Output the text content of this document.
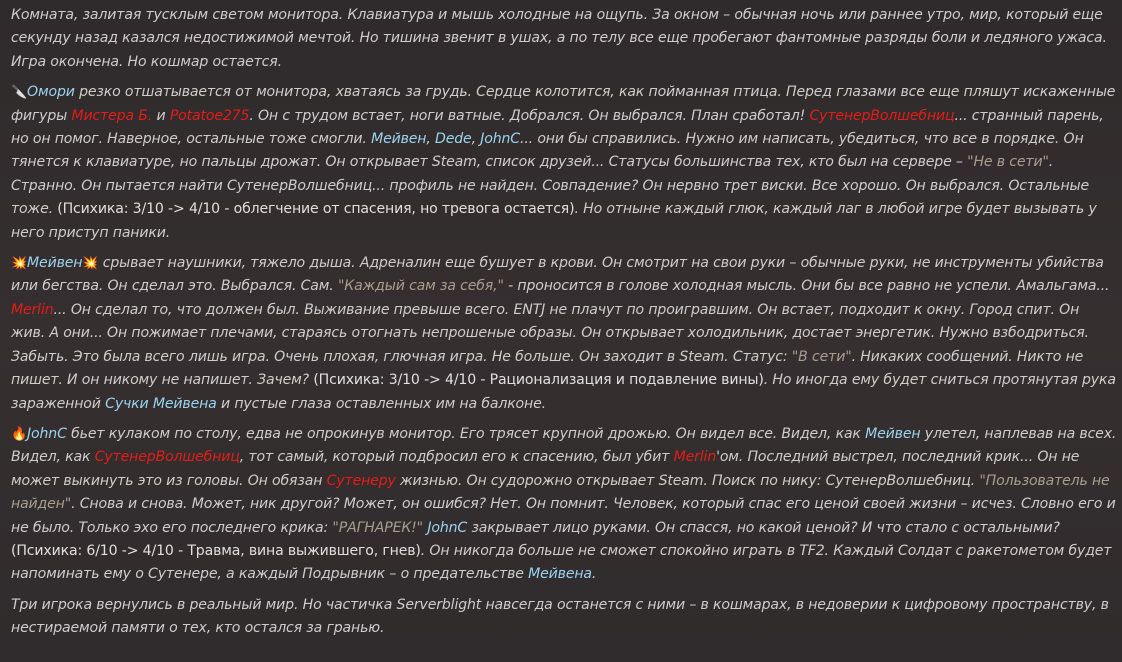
Комната, залитая тусклым светом монитора. Клавиатура и мышь холодные на ощупь. За окном – обычная ночь или раннее утро, мир, который еще секунду назад казался недостижимой мечтой. Но тишина звенит в ушах, а по телу все еще пробегают фантомные разряды боли и ледяного ужаса. Игра окончена. Но кошмар остается.

🔪Омори резко отшатывается от монитора, хватаясь за грудь. Сердце колотится, как пойманная птица. Перед глазами все еще пляшут искаженные фигуры Мистера Б. и Potatoe275. Он с трудом встает, ноги ватные. Добрался. Он выбрался. План сработал! СутенерВолшебниц... странный парень, но он помог. Наверное, остальные тоже смогли. Мейвен, Dede, JohnC... они бы справились. Нужно им написать, убедиться, что все в порядке. Он тянется к клавиатуре, но пальцы дрожат. Он открывает Steam, список друзей... Статусы большинства тех, кто был на сервере – "Не в сети". Странно. Он пытается найти СутенерВолшебниц... профиль не найден. Совпадение? Он нервно трет виски. Все хорошо. Он выбрался. Остальные тоже. (Психика: 3/10 -> 4/10 - облегчение от спасения, но тревога остается). Но отныне каждый глюк, каждый лаг в любой игре будет вызывать у него приступ паники.

💥Мейвен💥 срывает наушники, тяжело дыша. Адреналин еще бушует в крови. Он смотрит на свои руки – обычные руки, не инструменты убийства или бегства. Он сделал это. Выбрался. Сам. "Каждый сам за себя," - проносится в голове холодная мысль. Они бы все равно не успели. Амальгама... Merlin... Он сделал то, что должен был. Выживание превыше всего. ENTJ не плачут по проигравшим. Он встает, подходит к окну. Город спит. Он жив. А они... Он пожимает плечами, стараясь отогнать непрошеные образы. Он открывает холодильник, достает энергетик. Нужно взбодриться. Забыть. Это была всего лишь игра. Очень плохая, глючная игра. Не больше. Он заходит в Steam. Статус: "В сети". Никаких сообщений. Никто не пишет. И он никому не напишет. Зачем? (Психика: 3/10 -> 4/10 - Рационализация и подавление вины). Но иногда ему будет сниться протянутая рука зараженной Сучки Мейвена и пустые глаза оставленных им на балконе.

🔥JohnC бьет кулаком по столу, едва не опрокинув монитор. Его трясет крупной дрожью. Он видел все. Видел, как Мейвен улетел, наплевав на всех. Видел, как СутенерВолшебниц, тот самый, который подбросил его к спасению, был убит Merlin'ом. Последний выстрел, последний крик... Он не может выкинуть это из головы. Он обязан Сутенеру жизнью. Он судорожно открывает Steam. Поиск по нику: СутенерВолшебниц. "Пользователь не найден". Снова и снова. Может, ник другой? Может, он ошибся? Нет. Он помнит. Человек, который спас его ценой своей жизни – исчез. Словно его и не было. Только эхо его последнего крика: "РАГНАРЕК!" JohnC закрывает лицо руками. Он спасся, но какой ценой? И что стало с остальными? (Психика: 6/10 -> 4/10 - Травма, вина выжившего, гнев). Он никогда больше не сможет спокойно играть в TF2. Каждый Солдат с ракетометом будет напоминать ему о Сутенере, а каждый Подрывник – о предательстве Мейвена.

Три игрока вернулись в реальный мир. Но частичка Serverblight навсегда останется с ними – в кошмарах, в недоверии к цифровому пространству, в нестираемой памяти о тех, кто остался за гранью.
